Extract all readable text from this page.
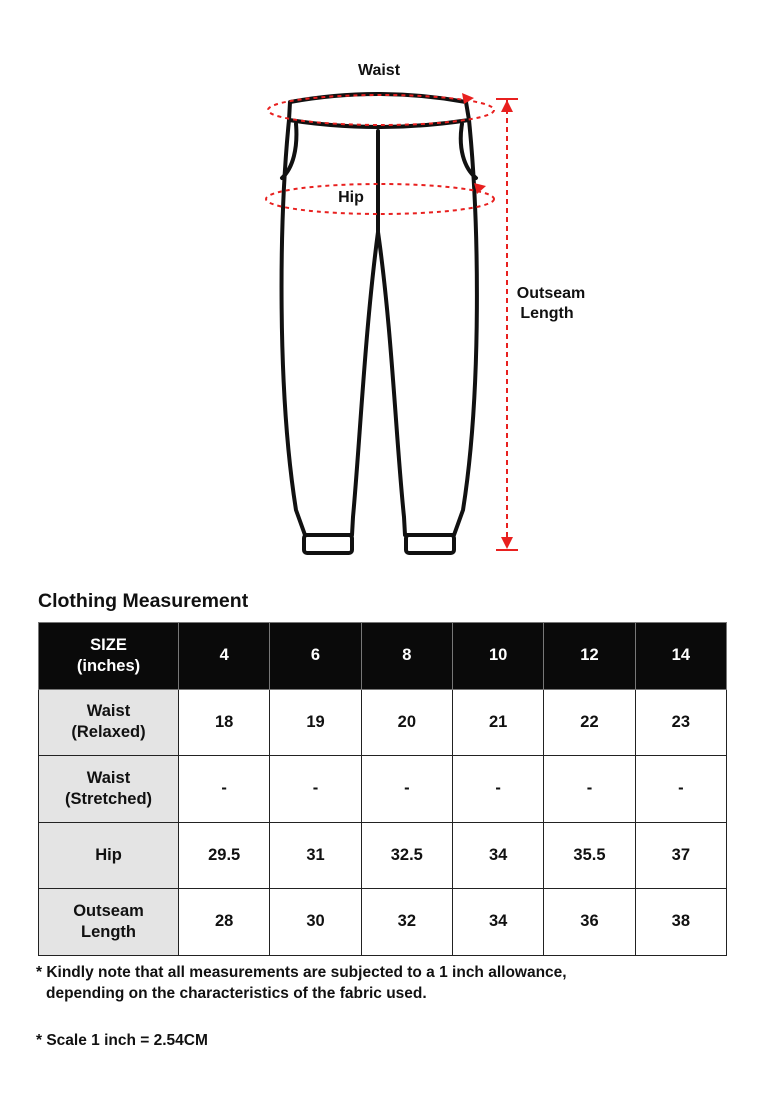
Waist
Hip
Outseam
Length
Clothing Measurement
SIZE
(inches)	4	6	8	10	12	14
Waist
(Relaxed)	18	19	20	21	22	23
Waist
(Stretched)	-	-	-	-	-	-
Hip	29.5	31	32.5	34	35.5	37
Outseam
Length	28	30	32	34	36	38

* Kindly note that all measurements are subjected to a 1 inch allowance,
depending on the characteristics of the fabric used.

* Scale 1 inch = 2.54CM
